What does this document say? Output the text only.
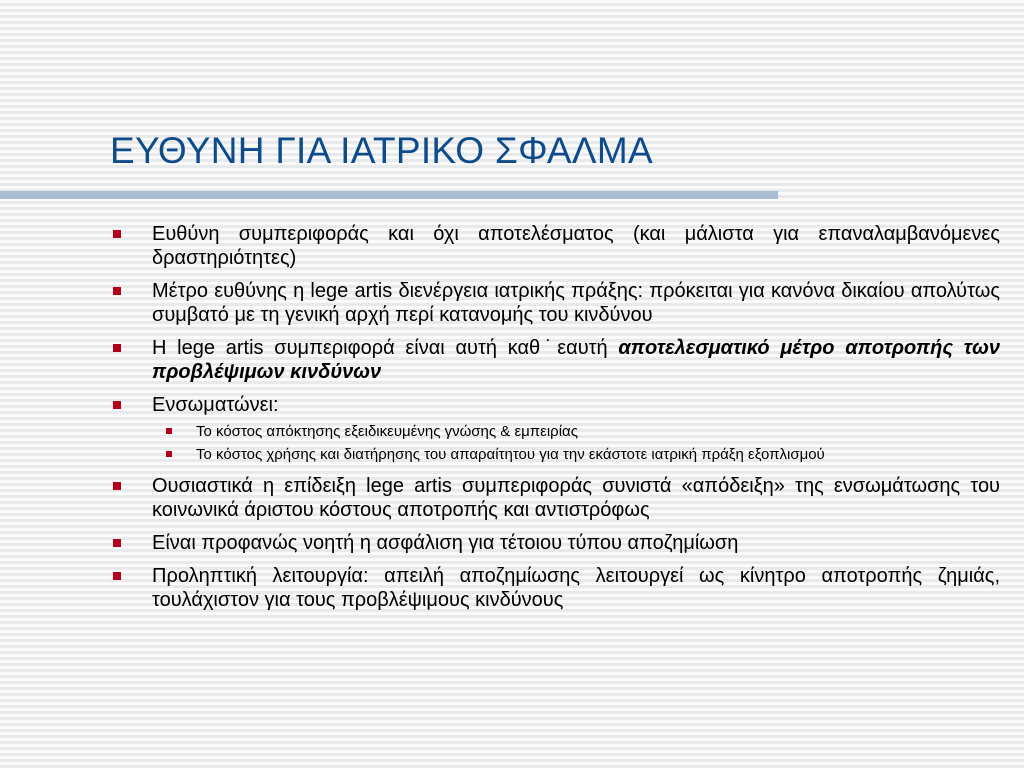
ΕΥΘΥΝΗ ΓΙΑ ΙΑΤΡΙΚΟ ΣΦΑΛΜΑ
Ευθύνη συμπεριφοράς και όχι αποτελέσματος (και μάλιστα για επαναλαμβανόμενες δραστηριότητες)
Μέτρο ευθύνης η lege artis διενέργεια ιατρικής πράξης: πρόκειται για κανόνα δικαίου απολύτως συμβατό με τη γενική αρχή περί κατανομής του κινδύνου
Η lege artis συμπεριφορά είναι αυτή καθ˙εαυτή αποτελεσματικό μέτρο αποτροπής των προβλέψιμων κινδύνων
Ενσωματώνει:
Το κόστος απόκτησης εξειδικευμένης γνώσης & εμπειρίας
Το κόστος χρήσης και διατήρησης του απαραίτητου για την εκάστοτε ιατρική πράξη εξοπλισμού
Ουσιαστικά η επίδειξη lege artis συμπεριφοράς συνιστά «απόδειξη» της ενσωμάτωσης του κοινωνικά άριστου κόστους αποτροπής και αντιστρόφως
Είναι προφανώς νοητή η ασφάλιση για τέτοιου τύπου αποζημίωση
Προληπτική λειτουργία: απειλή αποζημίωσης λειτουργεί ως κίνητρο αποτροπής ζημιάς, τουλάχιστον για τους προβλέψιμους κινδύνους
